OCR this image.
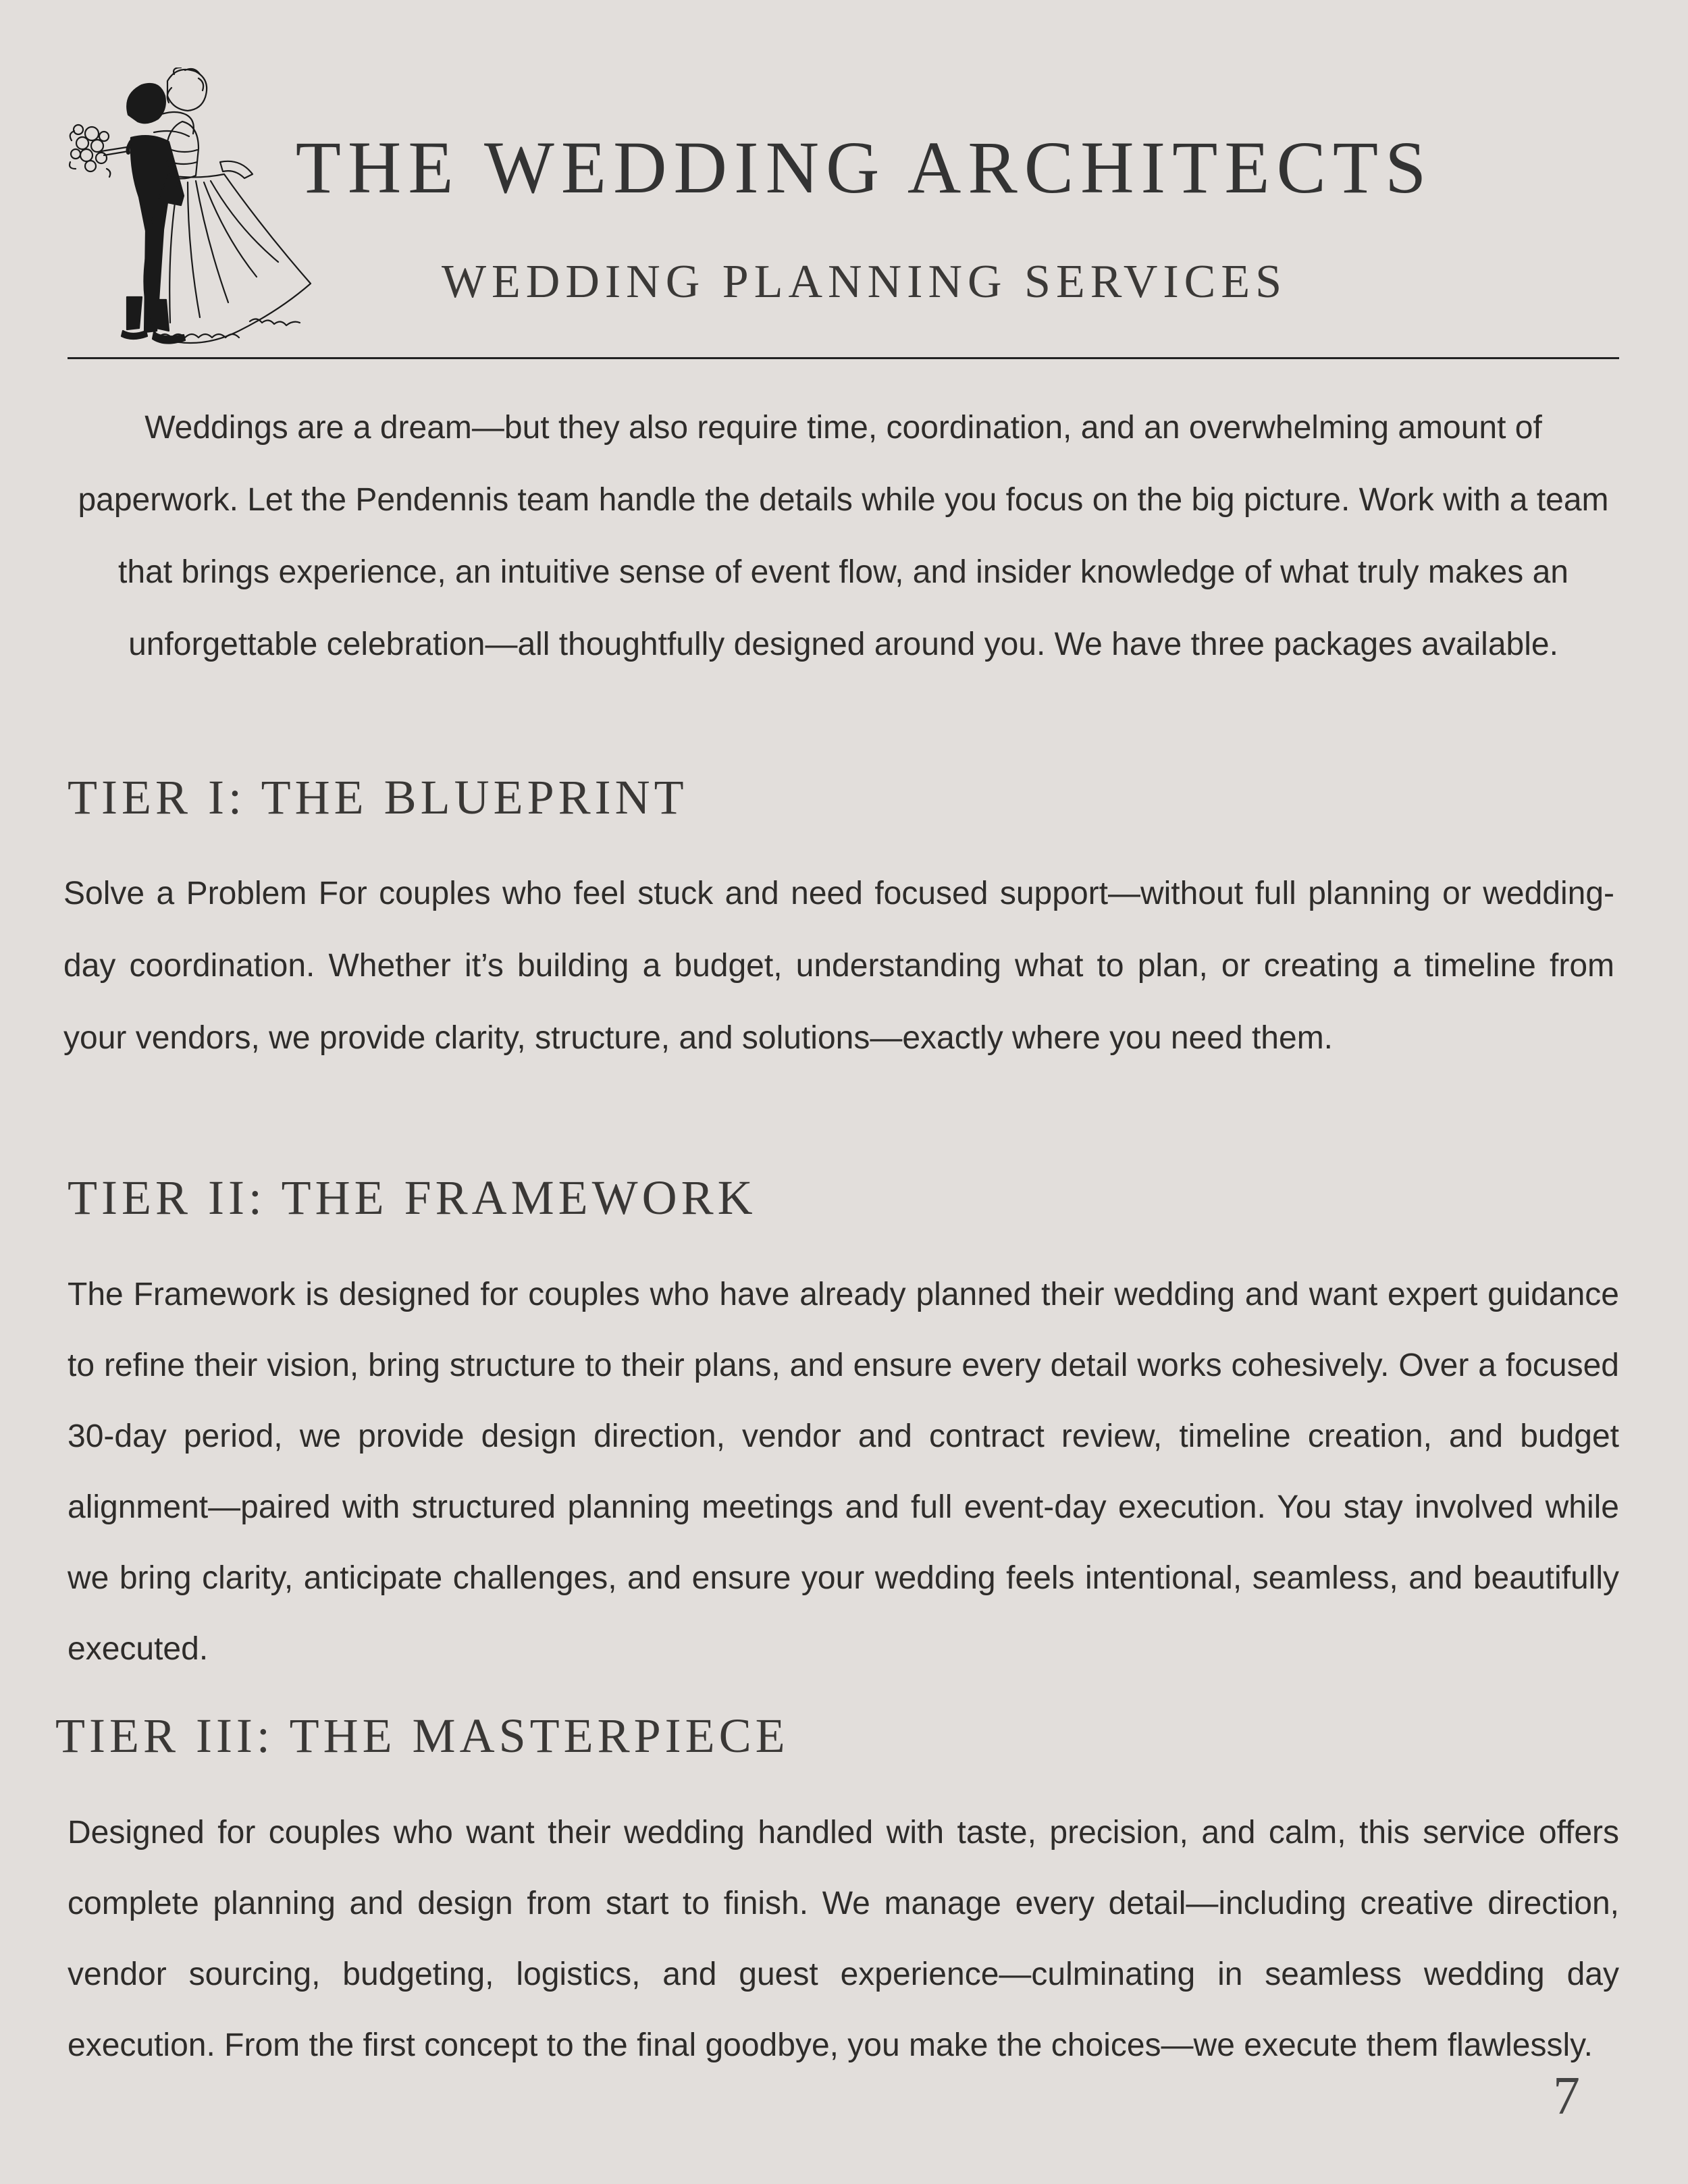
THE WEDDING ARCHITECTS
WEDDING PLANNING SERVICES

Weddings are a dream—but they also require time, coordination, and an overwhelming amount of paperwork. Let the Pendennis team handle the details while you focus on the big picture. Work with a team that brings experience, an intuitive sense of event flow, and insider knowledge of what truly makes an unforgettable celebration—all thoughtfully designed around you. We have three packages available.

TIER I: THE BLUEPRINT

Solve a Problem For couples who feel stuck and need focused support—without full planning or wedding-day coordination. Whether it’s building a budget, understanding what to plan, or creating a timeline from your vendors, we provide clarity, structure, and solutions—exactly where you need them.

TIER II: THE FRAMEWORK

The Framework is designed for couples who have already planned their wedding and want expert guidance to refine their vision, bring structure to their plans, and ensure every detail works cohesively. Over a focused 30-day period, we provide design direction, vendor and contract review, timeline creation, and budget alignment—paired with structured planning meetings and full event-day execution. You stay involved while we bring clarity, anticipate challenges, and ensure your wedding feels intentional, seamless, and beautifully executed.

TIER III: THE MASTERPIECE

Designed for couples who want their wedding handled with taste, precision, and calm, this service offers complete planning and design from start to finish. We manage every detail—including creative direction, vendor sourcing, budgeting, logistics, and guest experience—culminating in seamless wedding day execution. From the first concept to the final goodbye, you make the choices—we execute them flawlessly.

7
